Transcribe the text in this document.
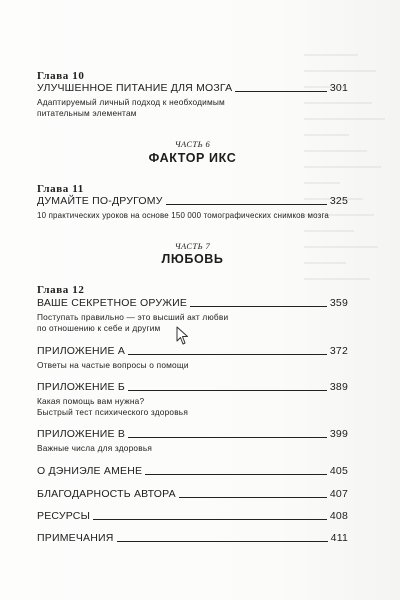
Глава 10
УЛУЧШЕННОЕ ПИТАНИЕ ДЛЯ МОЗГА	301
Адаптируемый личный подход к необходимым
питательным элементам
ЧАСТЬ 6
ФАКТОР ИКС
Глава 11
ДУМАЙТЕ ПО-ДРУГОМУ	325
10 практических уроков на основе 150 000 томографических снимков мозга
ЧАСТЬ 7
ЛЮБОВЬ
Глава 12
ВАШЕ СЕКРЕТНОЕ ОРУЖИЕ	359
Поступать правильно — это высший акт любви
по отношению к себе и другим
ПРИЛОЖЕНИЕ А	372
Ответы на частые вопросы о помощи
ПРИЛОЖЕНИЕ Б	389
Какая помощь вам нужна?
Быстрый тест психического здоровья
ПРИЛОЖЕНИЕ В	399
Важные числа для здоровья
О ДЭНИЭЛЕ АМЕНЕ	405
БЛАГОДАРНОСТЬ АВТОРА	407
РЕСУРСЫ	408
ПРИМЕЧАНИЯ	411
